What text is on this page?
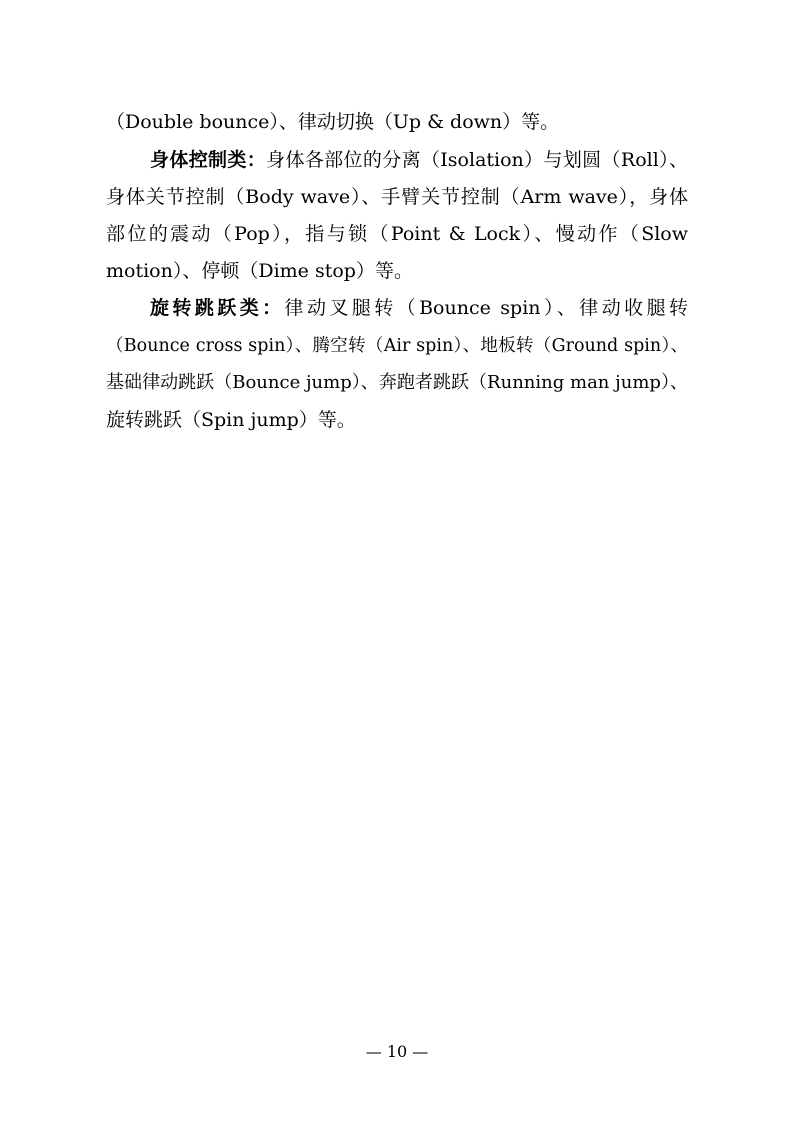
（Double bounce）、律动切换（Up & down）等。
身体控制类：身体各部位的分离（Isolation）与划圆（Roll）、
身体关节控制（Body wave）、手臂关节控制（Arm wave），身体
部位的震动（Pop），指与锁（Point & Lock）、慢动作（Slow
motion）、停顿（Dime stop）等。
旋转跳跃类：律动叉腿转（Bounce spin）、律动收腿转
（Bounce cross spin）、腾空转（Air spin）、地板转（Ground spin）、
基础律动跳跃（Bounce jump）、奔跑者跳跃（Running man jump）、
旋转跳跃（Spin jump）等。
— 10 —
